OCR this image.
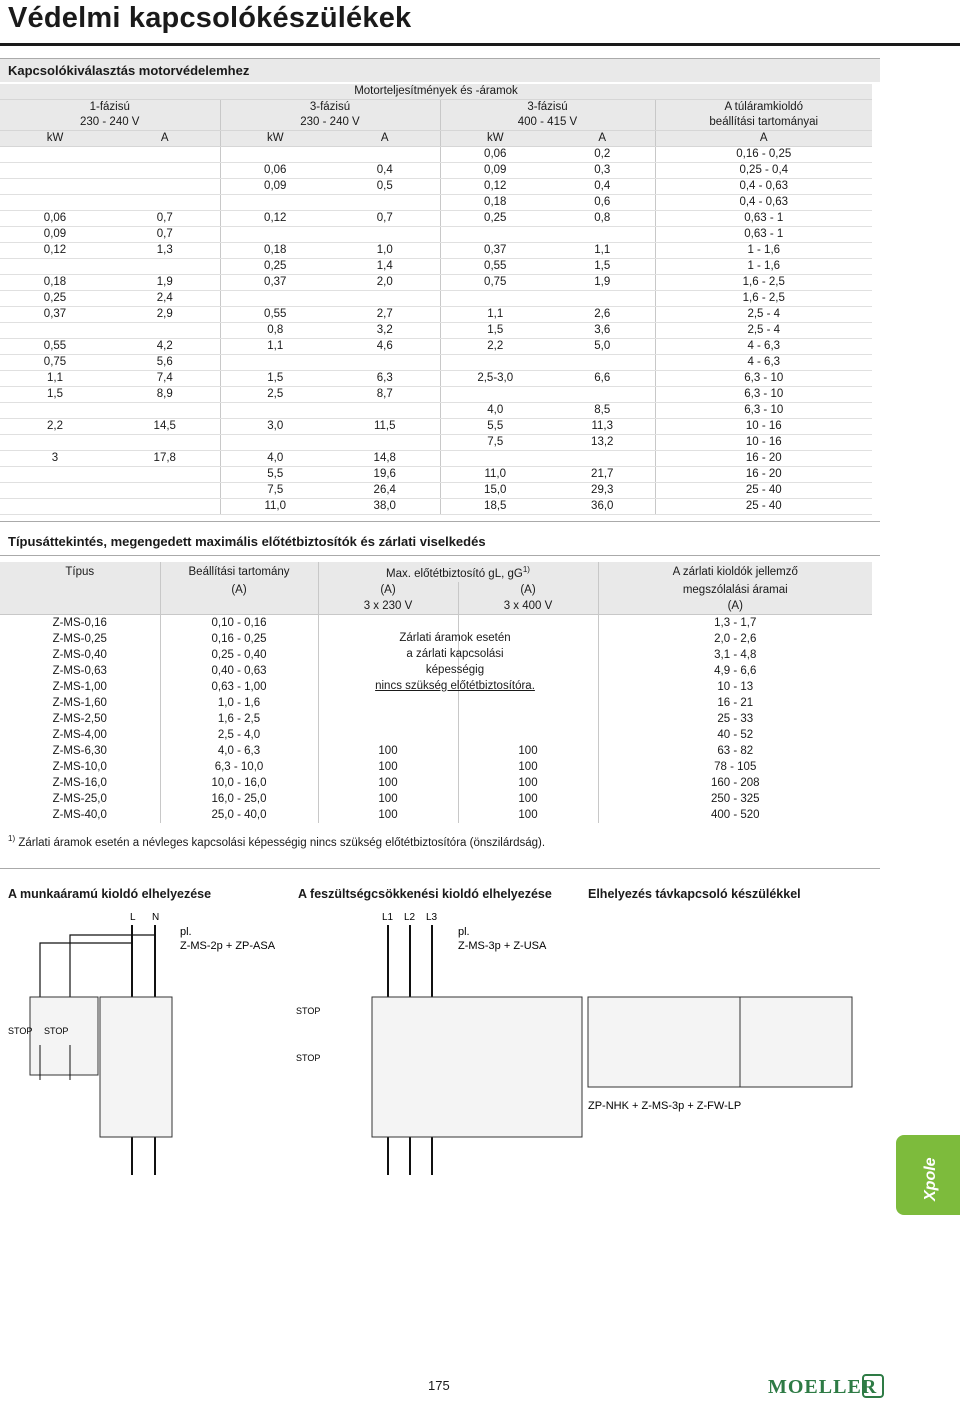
Védelmi kapcsolókészülékek
Kapcsolókiválasztás motorvédelemhez
Motorteljesítmények és -áramok						
1-fázisú		3-fázisú		3-fázisú		A túláramkioldó
230 - 240 V		230 - 240 V		400 - 415 V		beállítási tartományai
kW	A	kW	A	kW	A	A
				0,06	0,2	0,16 - 0,25
		0,06	0,4	0,09	0,3	0,25 - 0,4
		0,09	0,5	0,12	0,4	0,4 - 0,63
				0,18	0,6	0,4 - 0,63
0,06	0,7	0,12	0,7	0,25	0,8	0,63 - 1
0,09	0,7					0,63 - 1
0,12	1,3	0,18	1,0	0,37	1,1	1 - 1,6
		0,25	1,4	0,55	1,5	1 - 1,6
0,18	1,9	0,37	2,0	0,75	1,9	1,6 - 2,5
0,25	2,4					1,6 - 2,5
0,37	2,9	0,55	2,7	1,1	2,6	2,5 - 4
		0,8	3,2	1,5	3,6	2,5 - 4
0,55	4,2	1,1	4,6	2,2	5,0	4 - 6,3
0,75	5,6					4 - 6,3
1,1	7,4	1,5	6,3	2,5-3,0	6,6	6,3 - 10
1,5	8,9	2,5	8,7			6,3 - 10
				4,0	8,5	6,3 - 10
2,2	14,5	3,0	11,5	5,5	11,3	10 - 16
				7,5	13,2	10 - 16
3	17,8	4,0	14,8			16 - 20
		5,5	19,6	11,0	21,7	16 - 20
		7,5	26,4	15,0	29,3	25 - 40
		11,0	38,0	18,5	36,0	25 - 40
Típusáttekintés, megengedett maximális előtétbiztosítók és zárlati viselkedés
Típus	Beállítási tartomány	Max. előtétbiztosító gL, $gG^{1)}$		A zárlati kioldók jellemző
	(A)	(A)	(A)	megszólalási áramai
		3 x 230 V	3 x 400 V	(A)
Z-MS-0,16	0,10 - 0,16			1,3 - 1,7
Z-MS-0,25	0,16 - 0,25			2,0 - 2,6
Z-MS-0,40	0,25 - 0,40			3,1 - 4,8
Z-MS-0,63	0,40 - 0,63			4,9 - 6,6
Z-MS-1,00	0,63 - 1,00			10 - 13
Z-MS-1,60	1,0 - 1,6			16 - 21
Z-MS-2,50	1,6 - 2,5			25 - 33
Z-MS-4,00	2,5 - 4,0			40 - 52
Z-MS-6,30	4,0 - 6,3	100	100	63 - 82
Z-MS-10,0	6,3 - 10,0	100	100	78 - 105
Z-MS-16,0	10,0 - 16,0	100	100	160 - 208
Z-MS-25,0	16,0 - 25,0	100	100	250 - 325
Z-MS-40,0	25,0 - 40,0	100	100	400 - 520
Zárlati áramok esetén
a zárlati kapcsolási
képességig
nincs szükség előtétbiztosítóra.
$^{1)}$ Zárlati áramok esetén a névleges kapcsolási képességig nincs szükség előtétbiztosítóra (önszilárdság).
A munkaáramú kioldó elhelyezése	A feszültségcsökkenési kioldó elhelyezése	Elhelyezés távkapcsoló készülékkel
L N
pl.
Z-MS-2p + ZP-ASA
STOP STOP
L1 L2 L3
pl.
Z-MS-3p + Z-USA
STOP
STOP
ZP-NHK + Z-MS-3p + Z-FW-LP
Xpole
175	MOELLER
